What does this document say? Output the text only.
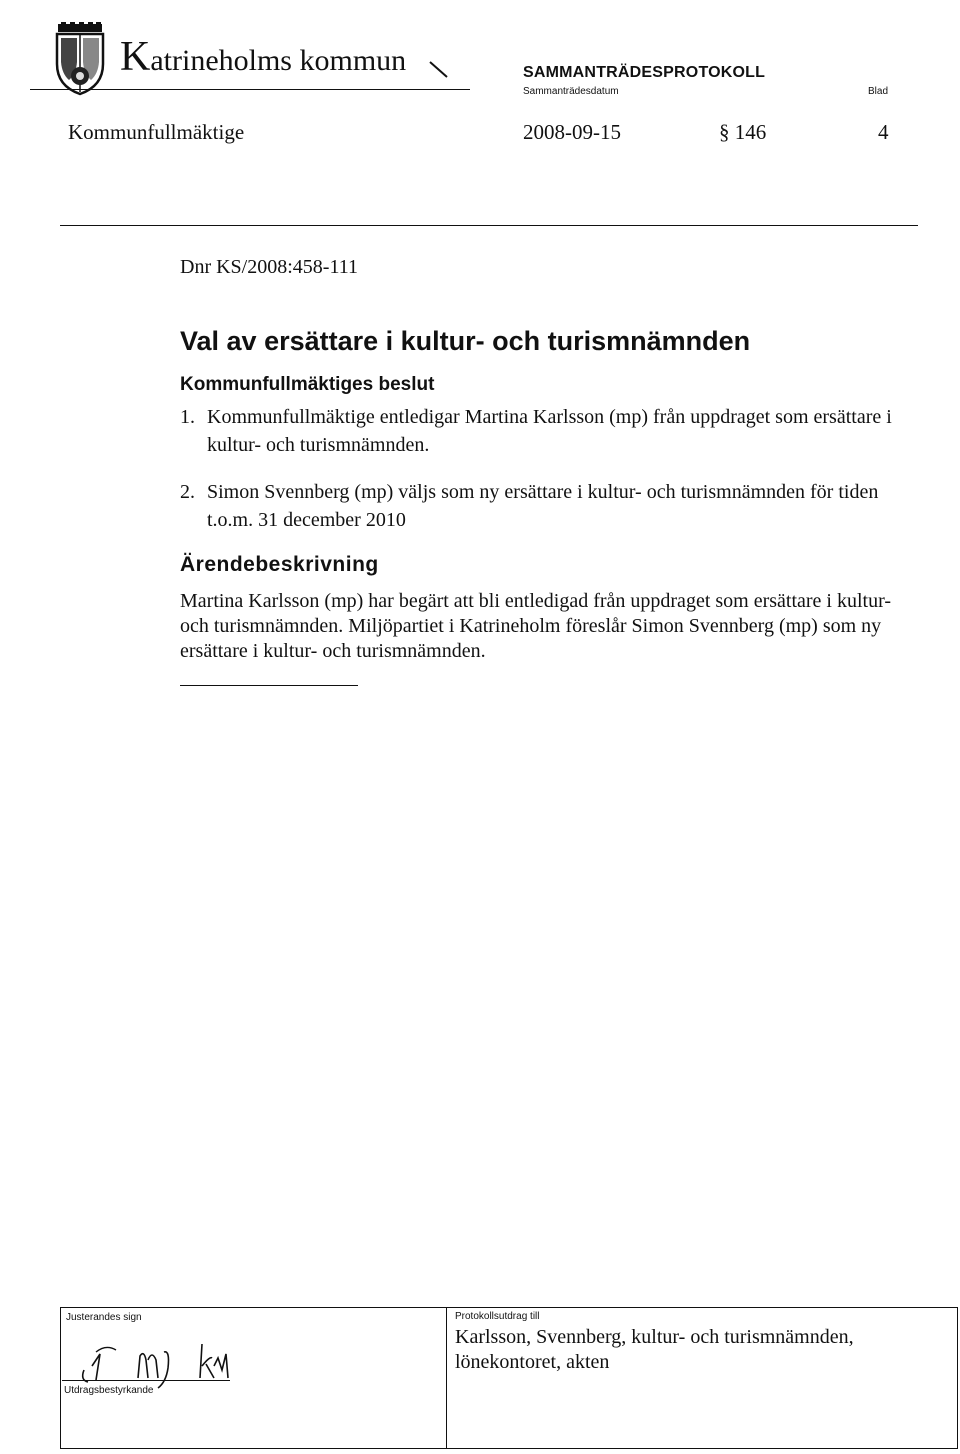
Katrineholms kommun	SAMMANTRÄDESPROTOKOLL
Sammanträdesdatum	Blad
Kommunfullmäktige	2008-09-15	§ 146	4
Dnr KS/2008:458-111
Val av ersättare i kultur- och turismnämnden
Kommunfullmäktiges beslut
1. Kommunfullmäktige entledigar Martina Karlsson (mp) från uppdraget som ersättare i kultur- och turismnämnden.
2. Simon Svennberg (mp) väljs som ny ersättare i kultur- och turismnämnden för tiden t.o.m. 31 december 2010
Ärendebeskrivning

Martina Karlsson (mp) har begärt att bli entledigad från uppdraget som ersättare i kultur- och turismnämnden. Miljöpartiet i Katrineholm föreslår Simon Svennberg (mp) som ny ersättare i kultur- och turismnämnden.

Justerandes sign
Utdragsbestyrkande
Protokollsutdrag till

Karlsson, Svennberg, kultur- och turismnämnden, lönekontoret, akten
